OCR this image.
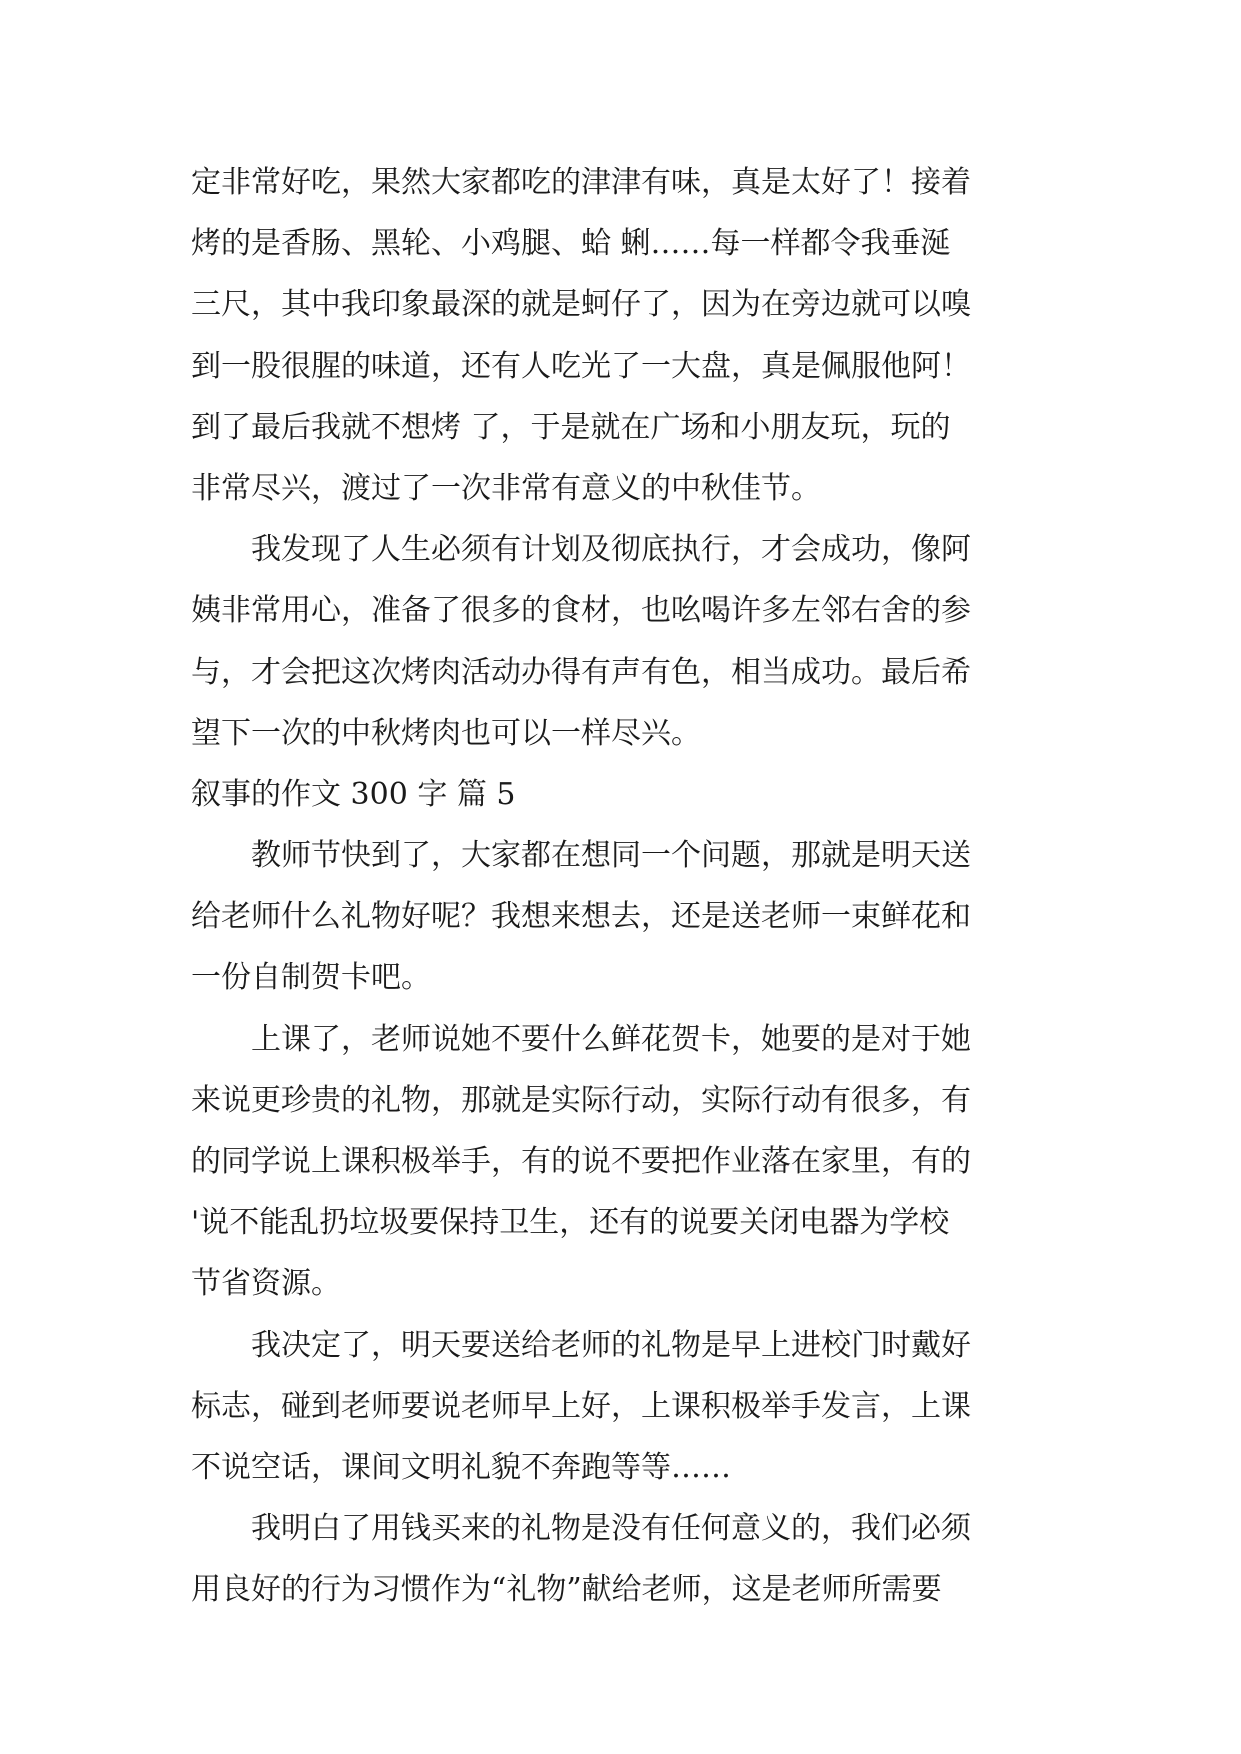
定非常好吃，果然大家都吃的津津有味，真是太好了！接着
烤的是香肠、黑轮、小鸡腿、蛤 蜊……每一样都令我垂涎
三尺，其中我印象最深的就是蚵仔了，因为在旁边就可以嗅
到一股很腥的味道，还有人吃光了一大盘，真是佩服他阿！
到了最后我就不想烤 了，于是就在广场和小朋友玩，玩的
非常尽兴，渡过了一次非常有意义的中秋佳节。
我发现了人生必须有计划及彻底执行，才会成功，像阿
姨非常用心，准备了很多的食材，也吆喝许多左邻右舍的参
与，才会把这次烤肉活动办得有声有色，相当成功。最后希
望下一次的中秋烤肉也可以一样尽兴。
叙事的作文 300 字 篇 5
教师节快到了，大家都在想同一个问题，那就是明天送
给老师什么礼物好呢？我想来想去，还是送老师一束鲜花和
一份自制贺卡吧。
上课了，老师说她不要什么鲜花贺卡，她要的是对于她
来说更珍贵的礼物，那就是实际行动，实际行动有很多，有
的同学说上课积极举手，有的说不要把作业落在家里，有的
'说不能乱扔垃圾要保持卫生，还有的说要关闭电器为学校
节省资源。
我决定了，明天要送给老师的礼物是早上进校门时戴好
标志，碰到老师要说老师早上好，上课积极举手发言，上课
不说空话，课间文明礼貌不奔跑等等……
我明白了用钱买来的礼物是没有任何意义的，我们必须
用良好的行为习惯作为“礼物”献给老师，这是老师所需要
